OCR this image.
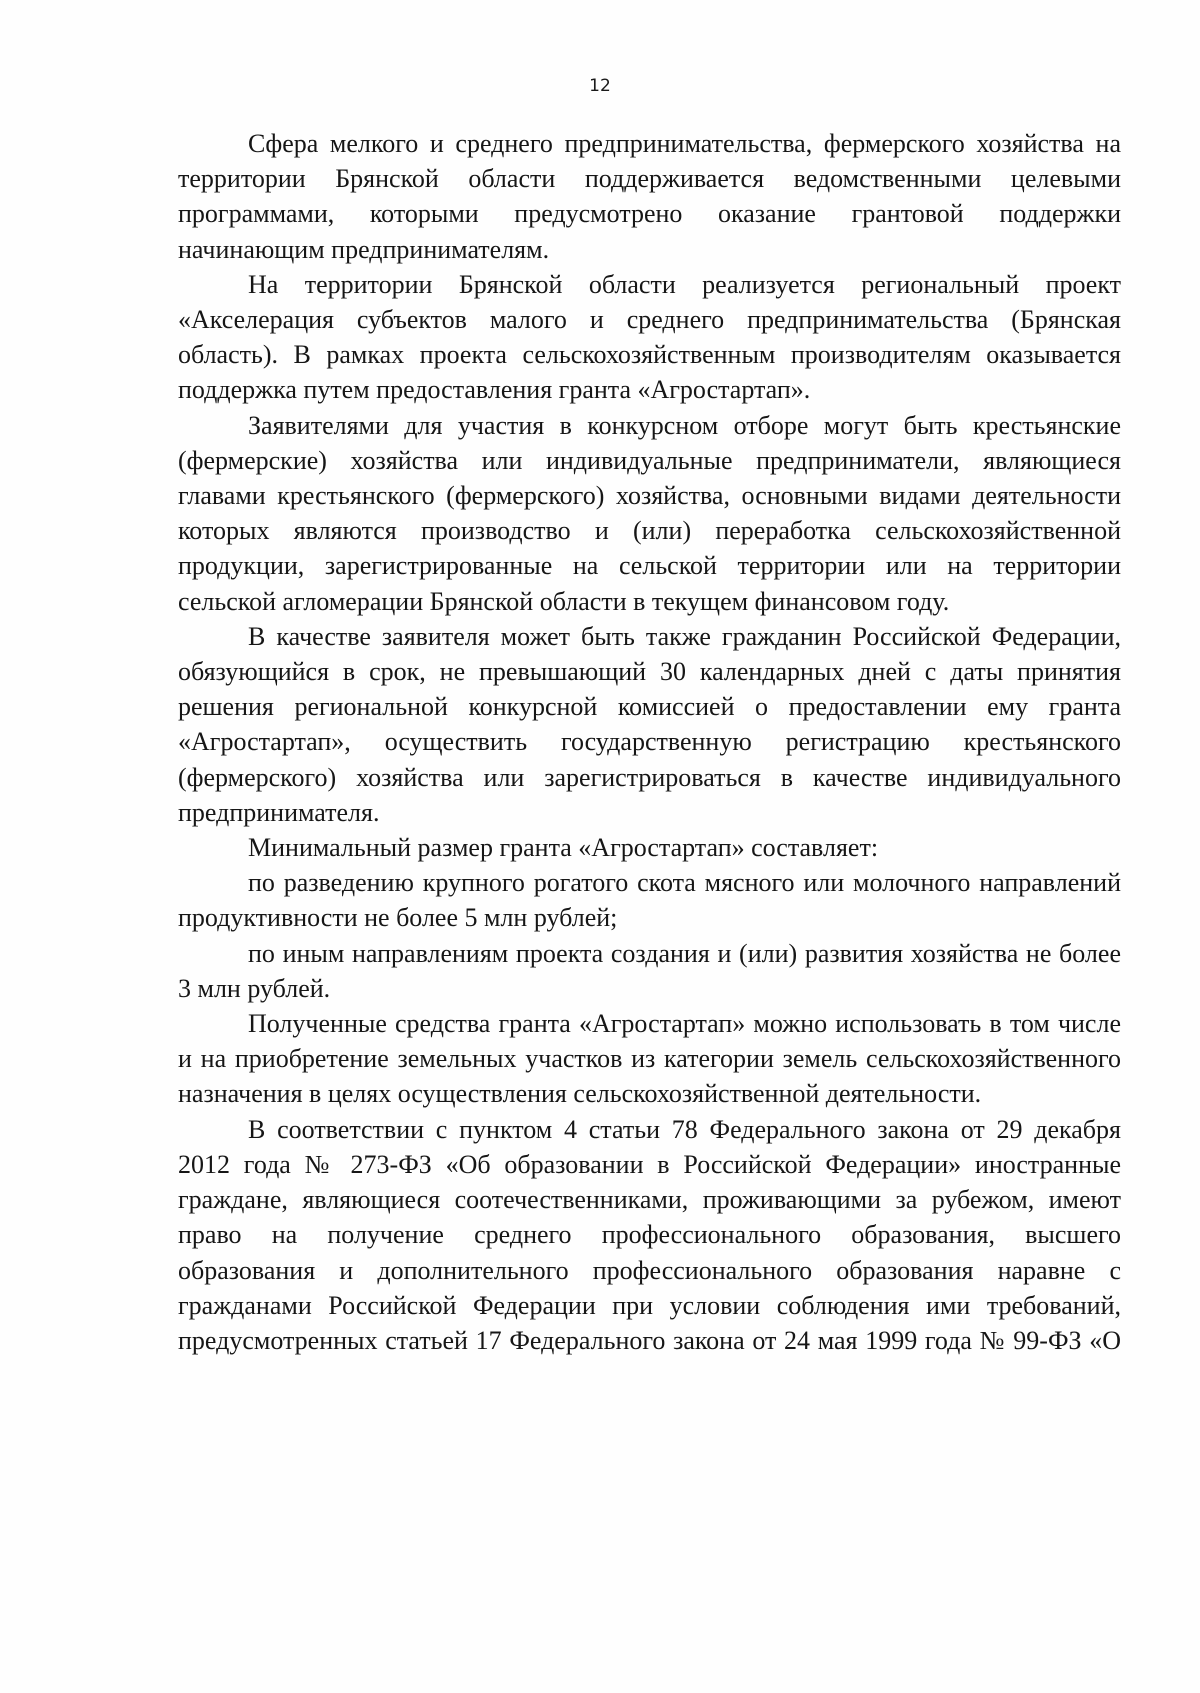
12

Сфера мелкого и среднего предпринимательства, фермерского хозяйства на территории Брянской области поддерживается ведомственными целевыми программами, которыми предусмотрено оказание грантовой поддержки начинающим предпринимателям.

На территории Брянской области реализуется региональный проект «Акселерация субъектов малого и среднего предпринимательства (Брянская область). В рамках проекта сельскохозяйственным производителям оказывается поддержка путем предоставления гранта «Агростартап».

Заявителями для участия в конкурсном отборе могут быть крестьянские (фермерские) хозяйства или индивидуальные предприниматели, являющиеся главами крестьянского (фермерского) хозяйства, основными видами деятельности которых являются производство и (или) переработка сельскохозяйственной продукции, зарегистрированные на сельской территории или на территории сельской агломерации Брянской области в текущем финансовом году.

В качестве заявителя может быть также гражданин Российской Федерации, обязующийся в срок, не превышающий 30 календарных дней с даты принятия решения региональной конкурсной комиссией о предоставлении ему гранта «Агростартап», осуществить государственную регистрацию крестьянского (фермерского) хозяйства или зарегистрироваться в качестве индивидуального предпринимателя.

Минимальный размер гранта «Агростартап» составляет:

по разведению крупного рогатого скота мясного или молочного направлений продуктивности не более 5 млн рублей;

по иным направлениям проекта создания и (или) развития хозяйства не более 3 млн рублей.

Полученные средства гранта «Агростартап» можно использовать в том числе и на приобретение земельных участков из категории земель сельскохозяйственного назначения в целях осуществления сельскохозяйственной деятельности.

В соответствии с пунктом 4 статьи 78 Федерального закона от 29 декабря 2012 года № 273-ФЗ «Об образовании в Российской Федерации» иностранные граждане, являющиеся соотечественниками, проживающими за рубежом, имеют право на получение среднего профессионального образования, высшего образования и дополнительного профессионального образования наравне с гражданами Российской Федерации при условии соблюдения ими требований, предусмотренных статьей 17 Федерального закона от 24 мая 1999 года № 99-ФЗ «О
